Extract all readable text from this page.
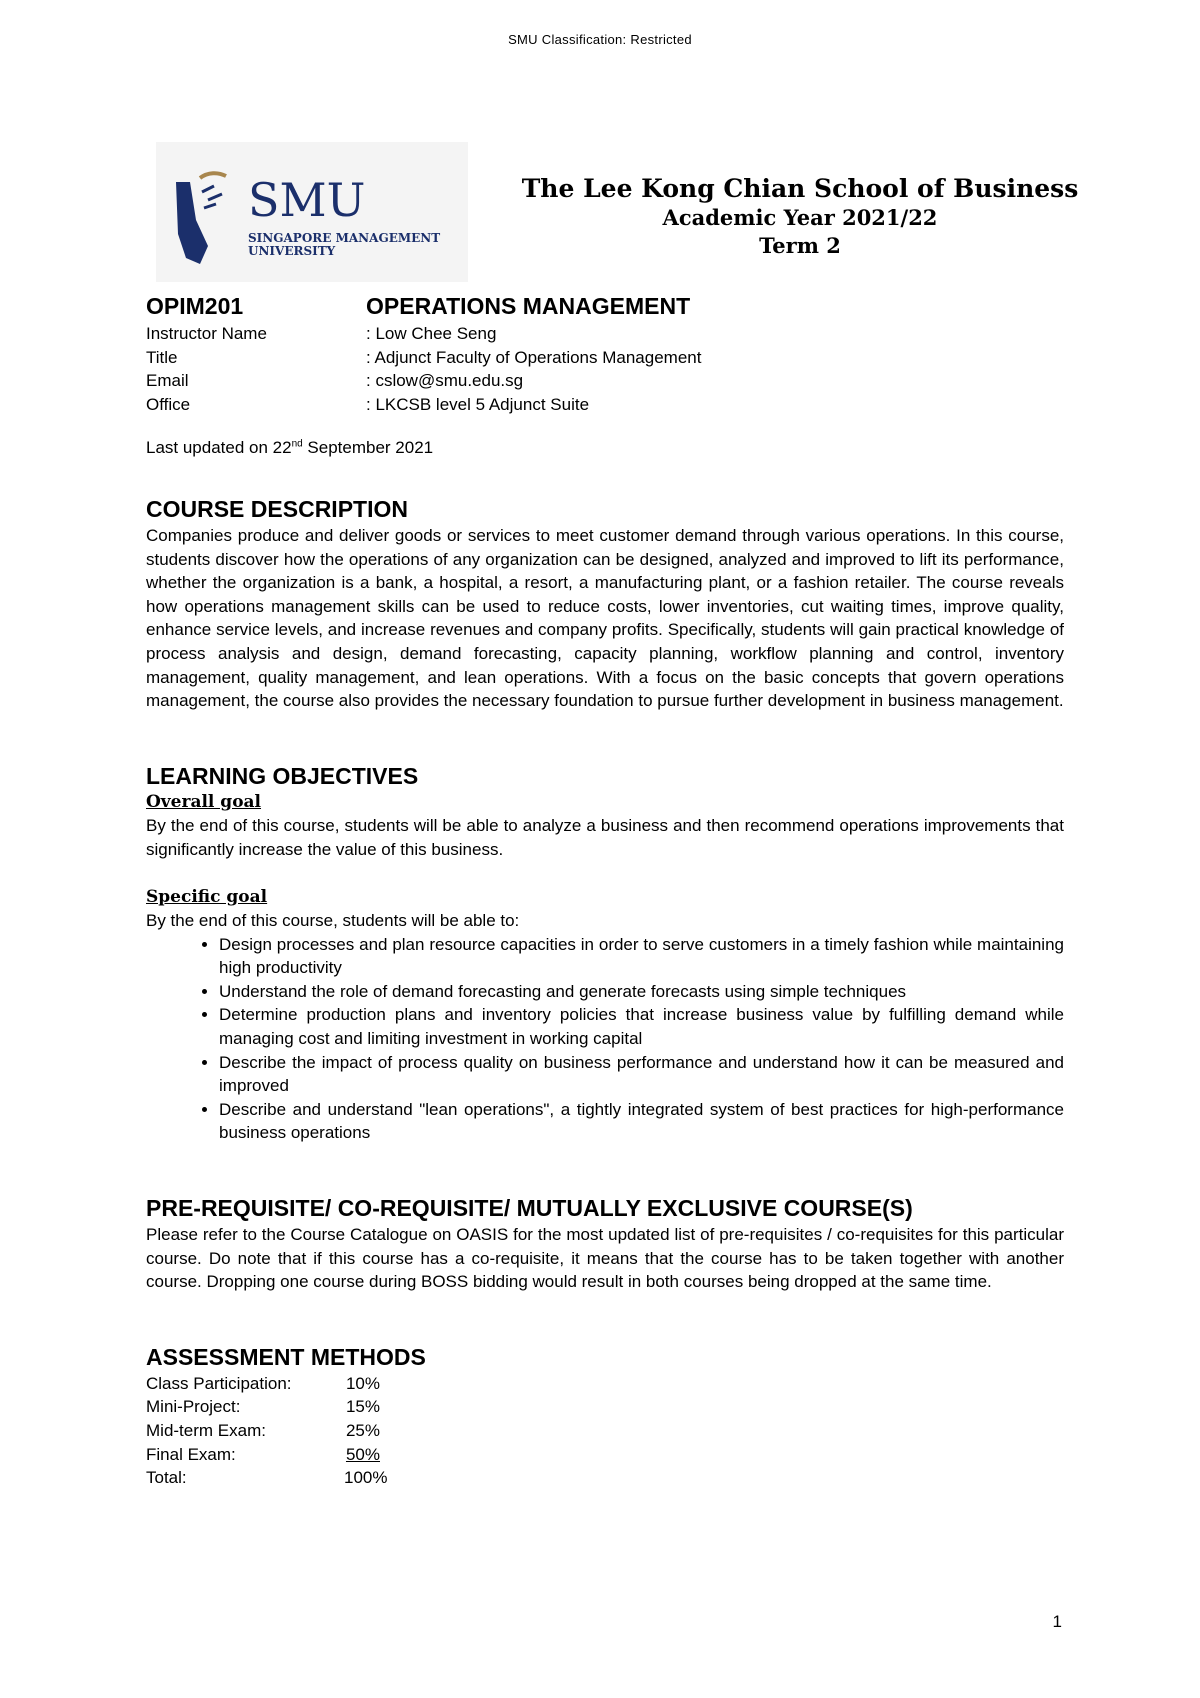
SMU Classification: Restricted
SMU
SINGAPORE MANAGEMENT
UNIVERSITY
The Lee Kong Chian School of Business
Academic Year 2021/22
Term 2
OPIM201	OPERATIONS MANAGEMENT
Instructor Name	: Low Chee Seng
Title	: Adjunct Faculty of Operations Management
Email	: cslow@smu.edu.sg
Office	: LKCSB level 5 Adjunct Suite
Last updated on 22nd September 2021
COURSE DESCRIPTION

Companies produce and deliver goods or services to meet customer demand through various operations. In this course, students discover how the operations of any organization can be designed, analyzed and improved to lift its performance, whether the organization is a bank, a hospital, a resort, a manufacturing plant, or a fashion retailer. The course reveals how operations management skills can be used to reduce costs, lower inventories, cut waiting times, improve quality, enhance service levels, and increase revenues and company profits. Specifically, students will gain practical knowledge of process analysis and design, demand forecasting, capacity planning, workflow planning and control, inventory management, quality management, and lean operations. With a focus on the basic concepts that govern operations management, the course also provides the necessary foundation to pursue further development in business management.

LEARNING OBJECTIVES
Overall goal

By the end of this course, students will be able to analyze a business and then recommend operations improvements that significantly increase the value of this business.

Specific goal
By the end of this course, students will be able to:
• Design processes and plan resource capacities in order to serve customers in a timely fashion while maintaining high productivity
• Understand the role of demand forecasting and generate forecasts using simple techniques
• Determine production plans and inventory policies that increase business value by fulfilling demand while managing cost and limiting investment in working capital
• Describe the impact of process quality on business performance and understand how it can be measured and improved
• Describe and understand "lean operations", a tightly integrated system of best practices for high-performance business operations
PRE-REQUISITE/ CO-REQUISITE/ MUTUALLY EXCLUSIVE COURSE(S)

Please refer to the Course Catalogue on OASIS for the most updated list of pre-requisites / co-requisites for this particular course. Do note that if this course has a co-requisite, it means that the course has to be taken together with another course. Dropping one course during BOSS bidding would result in both courses being dropped at the same time.

ASSESSMENT METHODS
Class Participation:	10%
Mini-Project:	15%
Mid-term Exam:	25%
Final Exam:	50%
Total:	100%
1
